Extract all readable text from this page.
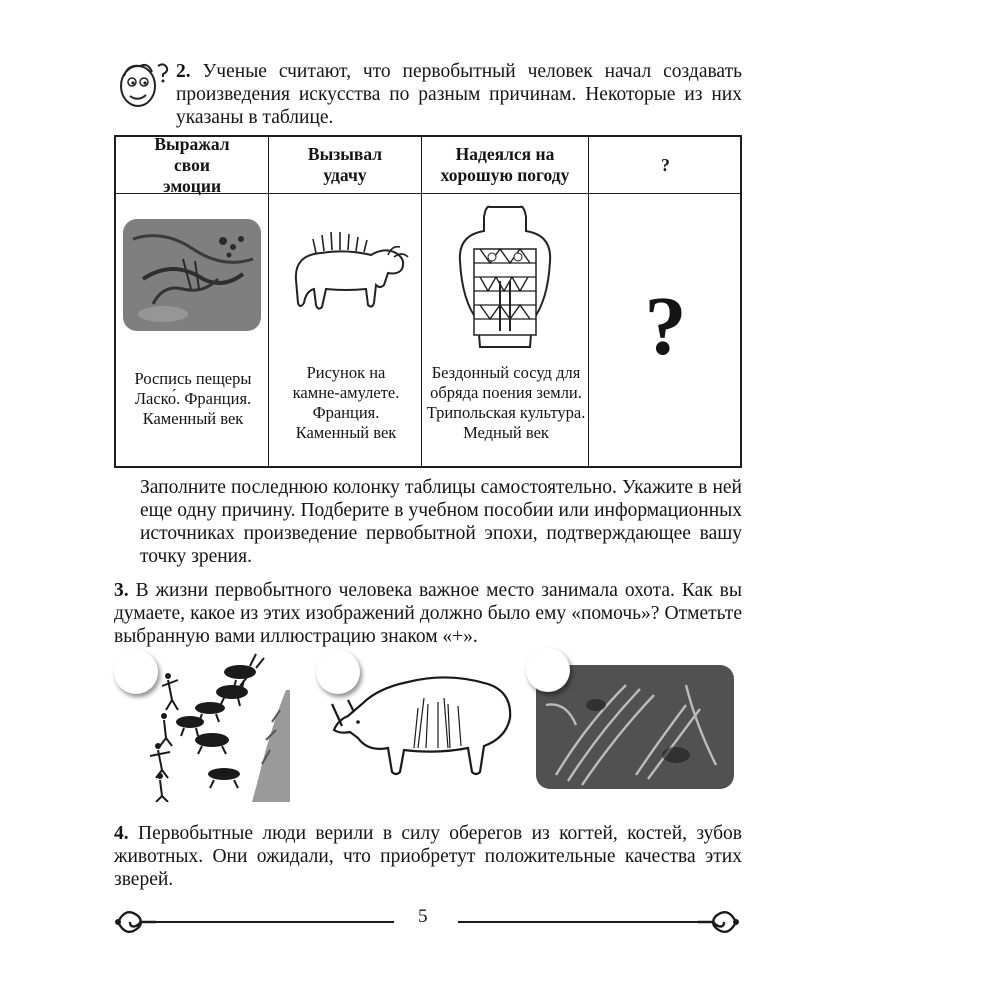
2. Ученые считают, что первобытный человек начал создавать произведения искусства по разным причинам. Некоторые из них указаны в таблице.
Выражал свои эмоции
Вызывал удачу
Надеялся на хорошую погоду
?
Роспись пещеры Ласко́. Франция. Каменный век
Рисунок на камне-амулете. Франция. Каменный век
Бездонный сосуд для обряда поения земли. Трипольская культура. Медный век
?
Заполните последнюю колонку таблицы самостоятельно. Укажите в ней еще одну причину. Подберите в учебном пособии или информационных источниках произведение первобытной эпохи, подтверждающее вашу точку зрения.
3. В жизни первобытного человека важное место занимала охота. Как вы думаете, какое из этих изображений должно было ему «помочь»? Отметьте выбранную вами иллюстрацию знаком «+».
4. Первобытные люди верили в силу оберегов из когтей, костей, зубов животных. Они ожидали, что приобретут положительные качества этих зверей.
5
